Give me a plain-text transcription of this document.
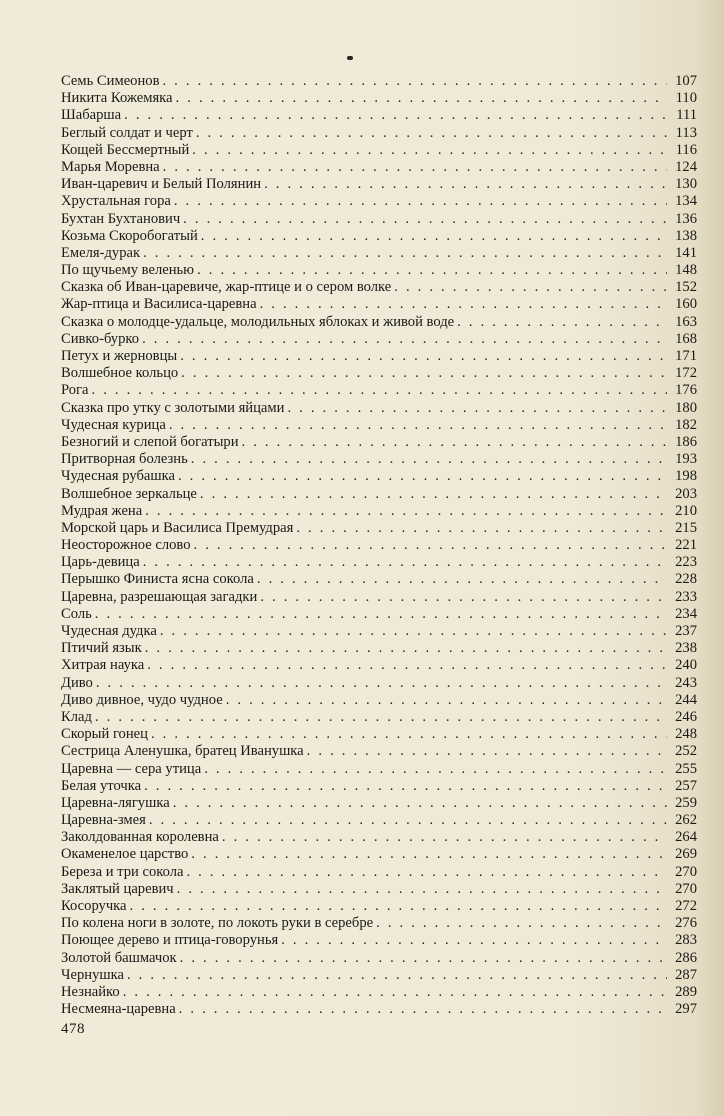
Семь Симеонов . . .	107
Никита Кожемяка . . .	110
Шабарша . . .	111
Беглый солдат и черт . . .	113
Кощей Бессмертный . . .	116
Марья Моревна . . .	124
Иван-царевич и Белый Полянин . . .	130
Хрустальная гора . . .	134
Бухтан Бухтанович . . .	136
Козьма Скоробогатый . . .	138
Емеля-дурак . . .	141
По щучьему веленью . . .	148
Сказка об Иван-царевиче, жар-птице и о сером волке . . .	152
Жар-птица и Василиса-царевна . . .	160
Сказка о молодце-удальце, молодильных яблоках и живой воде . . .	163
Сивко-бурко . . .	168
Петух и жерновцы . . .	171
Волшебное кольцо . . .	172
Рога . . .	176
Сказка про утку с золотыми яйцами . . .	180
Чудесная курица . . .	182
Безногий и слепой богатыри . . .	186
Притворная болезнь . . .	193
Чудесная рубашка . . .	198
Волшебное зеркальце . . .	203
Мудрая жена . . .	210
Морской царь и Василиса Премудрая . . .	215
Неосторожное слово . . .	221
Царь-девица . . .	223
Перышко Финиста ясна сокола . . .	228
Царевна, разрешающая загадки . . .	233
Соль . . .	234
Чудесная дудка . . .	237
Птичий язык . . .	238
Хитрая наука . . .	240
Диво . . .	243
Диво дивное, чудо чудное . . .	244
Клад . . .	246
Скорый гонец . . .	248
Сестрица Аленушка, братец Иванушка . . .	252
Царевна — сера утица . . .	255
Белая уточка . . .	257
Царевна-лягушка . . .	259
Царевна-змея . . .	262
Заколдованная королевна . . .	264
Окаменелое царство . . .	269
Береза и три сокола . . .	270
Заклятый царевич . . .	270
Косоручка . . .	272
По колена ноги в золоте, по локоть руки в серебре . . .	276
Поющее дерево и птица-говорунья . . .	283
Золотой башмачок . . .	286
Чернушка . . .	287
Незнайко . . .	289
Несмеяна-царевна . . .	297
478
